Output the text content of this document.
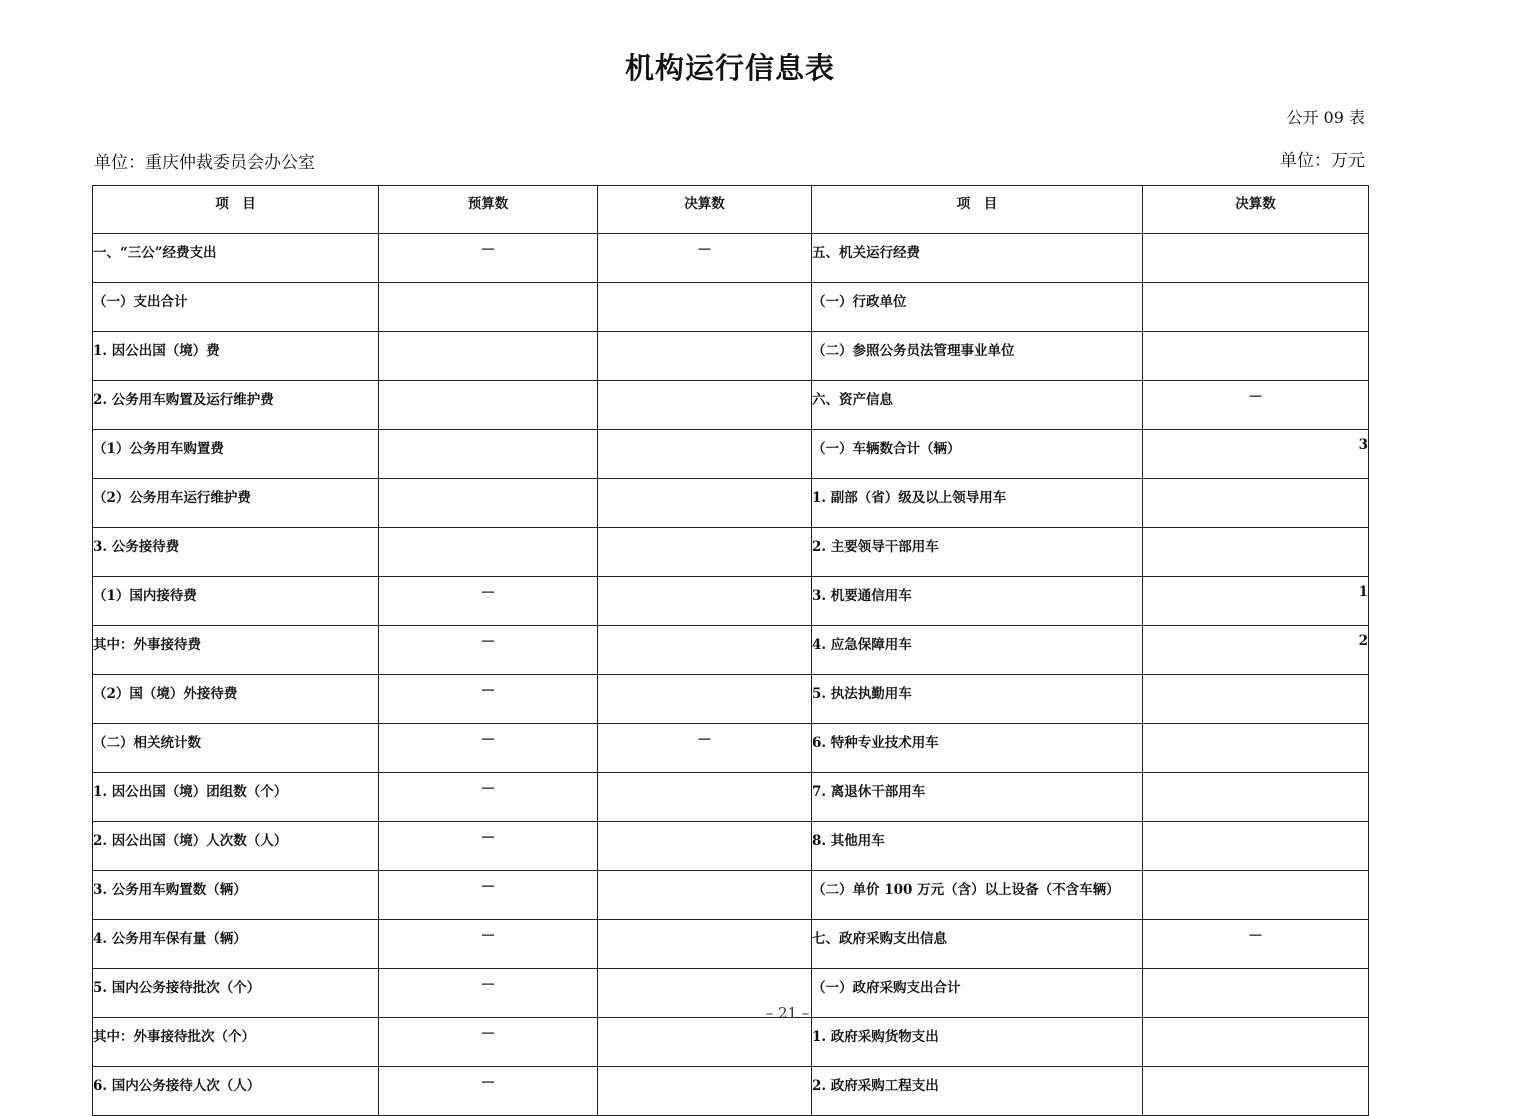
机构运行信息表
公开 09 表
单位：重庆仲裁委员会办公室	单位：万元
项　目	预算数	决算数	项　目	决算数
一、“三公”经费支出	—	—	五、机关运行经费	
（一）支出合计			（一）行政单位	
1. 因公出国（境）费			（二）参照公务员法管理事业单位	
2. 公务用车购置及运行维护费			六、资产信息	—
（1）公务用车购置费			（一）车辆数合计（辆）	3
（2）公务用车运行维护费			1. 副部（省）级及以上领导用车	
3. 公务接待费			2. 主要领导干部用车	
（1）国内接待费	—		3. 机要通信用车	1
其中：外事接待费	—		4. 应急保障用车	2
（2）国（境）外接待费	—		5. 执法执勤用车	
（二）相关统计数	—	—	6. 特种专业技术用车	
1. 因公出国（境）团组数（个）	—		7. 离退休干部用车	
2. 因公出国（境）人次数（人）	—		8. 其他用车	
3. 公务用车购置数（辆）	—		（二）单价 100 万元（含）以上设备（不含车辆）	
4. 公务用车保有量（辆）	—		七、政府采购支出信息	—
5. 国内公务接待批次（个）	—		（一）政府采购支出合计	
其中：外事接待批次（个）	—		1. 政府采购货物支出	
6. 国内公务接待人次（人）	—		2. 政府采购工程支出	
– 21 –
